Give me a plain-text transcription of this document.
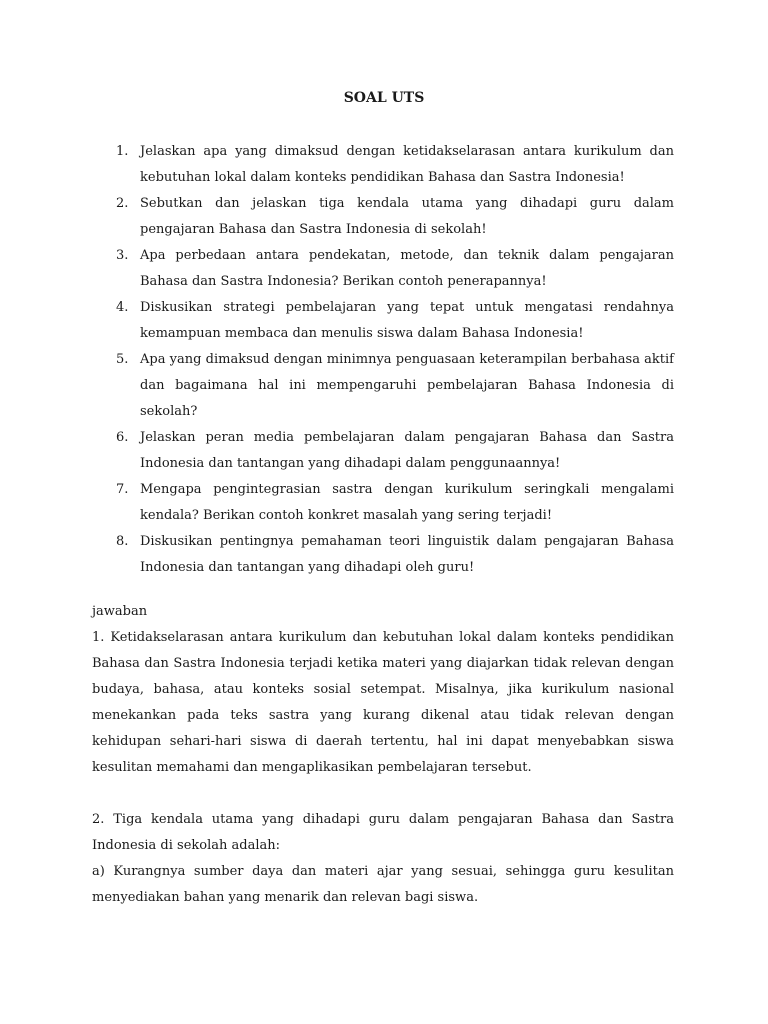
SOAL UTS
1. Jelaskan apa yang dimaksud dengan ketidakselarasan antara kurikulum dan kebutuhan lokal dalam konteks pendidikan Bahasa dan Sastra Indonesia!
2. Sebutkan dan jelaskan tiga kendala utama yang dihadapi guru dalam pengajaran Bahasa dan Sastra Indonesia di sekolah!
3. Apa perbedaan antara pendekatan, metode, dan teknik dalam pengajaran Bahasa dan Sastra Indonesia? Berikan contoh penerapannya!
4. Diskusikan strategi pembelajaran yang tepat untuk mengatasi rendahnya kemampuan membaca dan menulis siswa dalam Bahasa Indonesia!
5. Apa yang dimaksud dengan minimnya penguasaan keterampilan berbahasa aktif dan bagaimana hal ini mempengaruhi pembelajaran Bahasa Indonesia di sekolah?
6. Jelaskan peran media pembelajaran dalam pengajaran Bahasa dan Sastra Indonesia dan tantangan yang dihadapi dalam penggunaannya!
7. Mengapa pengintegrasian sastra dengan kurikulum seringkali mengalami kendala? Berikan contoh konkret masalah yang sering terjadi!
8. Diskusikan pentingnya pemahaman teori linguistik dalam pengajaran Bahasa Indonesia dan tantangan yang dihadapi oleh guru!

jawaban

1. Ketidakselarasan antara kurikulum dan kebutuhan lokal dalam konteks pendidikan Bahasa dan Sastra Indonesia terjadi ketika materi yang diajarkan tidak relevan dengan budaya, bahasa, atau konteks sosial setempat. Misalnya, jika kurikulum nasional menekankan pada teks sastra yang kurang dikenal atau tidak relevan dengan kehidupan sehari-hari siswa di daerah tertentu, hal ini dapat menyebabkan siswa kesulitan memahami dan mengaplikasikan pembelajaran tersebut.

2. Tiga kendala utama yang dihadapi guru dalam pengajaran Bahasa dan Sastra Indonesia di sekolah adalah:

a) Kurangnya sumber daya dan materi ajar yang sesuai, sehingga guru kesulitan menyediakan bahan yang menarik dan relevan bagi siswa.
